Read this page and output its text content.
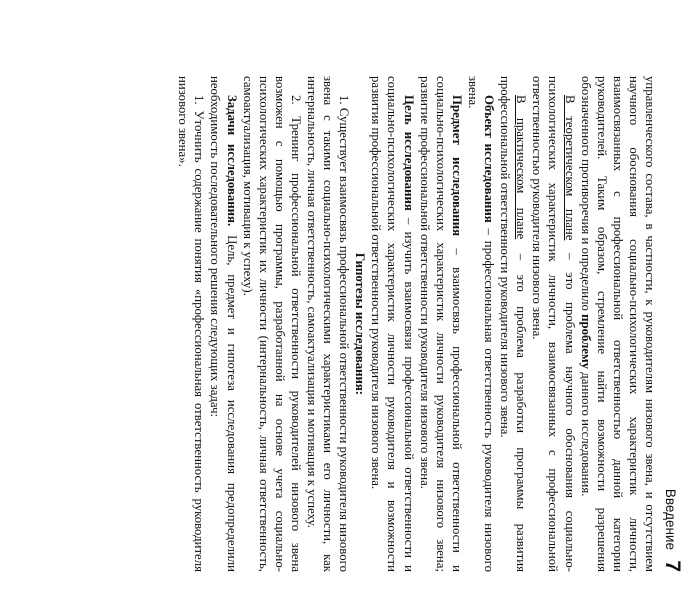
Введение
7

управленческого состава, в частности, к руководителям низового звена, и отсутствием научного обоснования социально-психологических характеристик личности, взаимосвязанных с профессиональной ответственностью данной категории руководителей. Таким образом, стремление найти возможности разрешения обозначенного противоречия и определило проблему данного исследования.

В теоретическом плане – это проблема научного обоснования социально-психологических характеристик личности, взаимосвязанных с профессиональной ответственностью руководителя низового звена.

В практическом плане – это проблема разработки программы развития профессиональной ответственности руководителя низового звена.

Объект исследования – профессиональная ответственность руководителя низового звена.

Предмет исследования – взаимосвязь профессиональной ответственности и социально-психологических характеристик личности руководителя низового звена; развитие профессиональной ответственности руководителя низового звена.

Цель исследования – изучить взаимосвязи профессиональной ответственности и социально-психологических характеристик личности руководителя и возможности развития профессиональной ответственности руководителя низового звена.

Гипотезы исследования:

1. Существует взаимосвязь профессиональной ответственности руководителя низового звена с такими социально-психологическими характеристиками его личности, как интернальность, личная ответственность, самоактуализация и мотивация к успеху.

2. Тренинг профессиональной ответственности руководителей низового звена возможен с помощью программы, разработанной на основе учета социально-психологических характеристик их личности (интернальность, личная ответственность, самоактуализация, мотивация к успеху).

Задачи исследования. Цель, предмет и гипотеза исследования предопределили необходимость последовательного решения следующих задач:

1. Уточнить содержание понятия «профессиональная ответственность руководителя низового звена».
